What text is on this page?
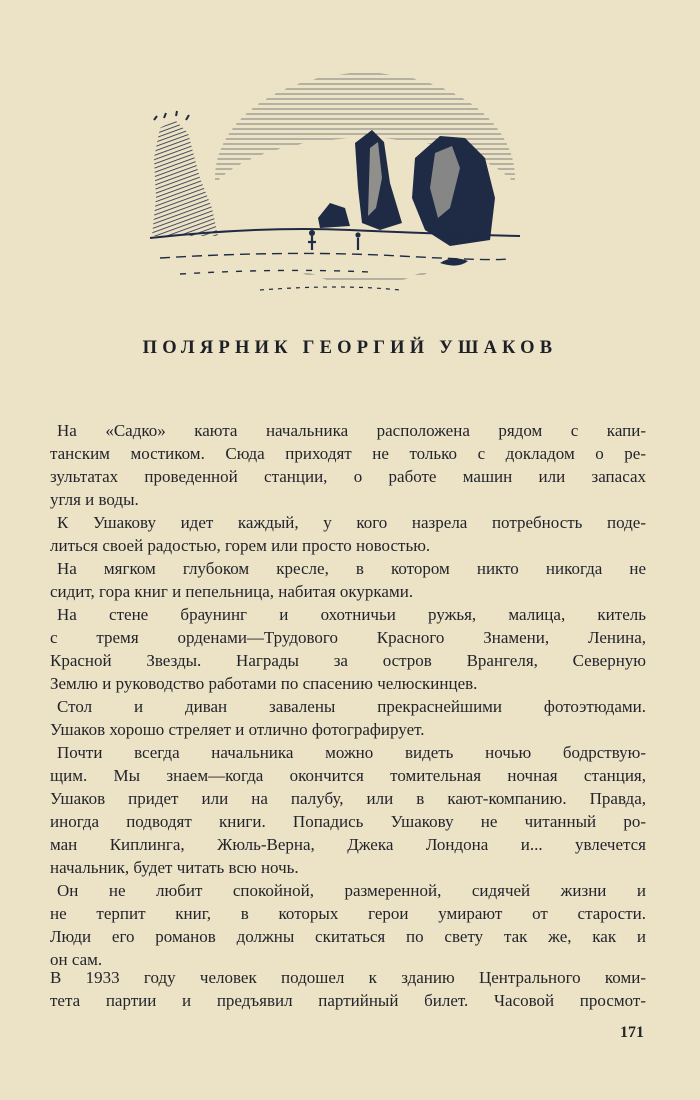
ПОЛЯРНИК ГЕОРГИЙ УШАКОВ
На «Садко» каюта начальника расположена рядом с капи-
танским мостиком. Сюда приходят не только с докладом о ре-
зультатах проведенной станции, о работе машин или запасах
угля и воды.
К Ушакову идет каждый, у кого назрела потребность поде-
литься своей радостью, горем или просто новостью.
На мягком глубоком кресле, в котором никто никогда не
сидит, гора книг и пепельница, набитая окурками.
На стене браунинг и охотничьи ружья, малица, китель
с тремя орденами—Трудового Красного Знамени, Ленина,
Красной Звезды. Награды за остров Врангеля, Северную
Землю и руководство работами по спасению челюскинцев.
Стол и диван завалены прекраснейшими фотоэтюдами.
Ушаков хорошо стреляет и отлично фотографирует.
Почти всегда начальника можно видеть ночью бодрствую-
щим. Мы знаем—когда окончится томительная ночная станция,
Ушаков придет или на палубу, или в кают-компанию. Правда,
иногда подводят книги. Попадись Ушакову не читанный ро-
ман Киплинга, Жюль-Верна, Джека Лондона и... увлечется
начальник, будет читать всю ночь.
Он не любит спокойной, размеренной, сидячей жизни и
не терпит книг, в которых герои умирают от старости.
Люди его романов должны скитаться по свету так же, как и
он сам.
В 1933 году человек подошел к зданию Центрального коми-
тета партии и предъявил партийный билет. Часовой просмот-
171
